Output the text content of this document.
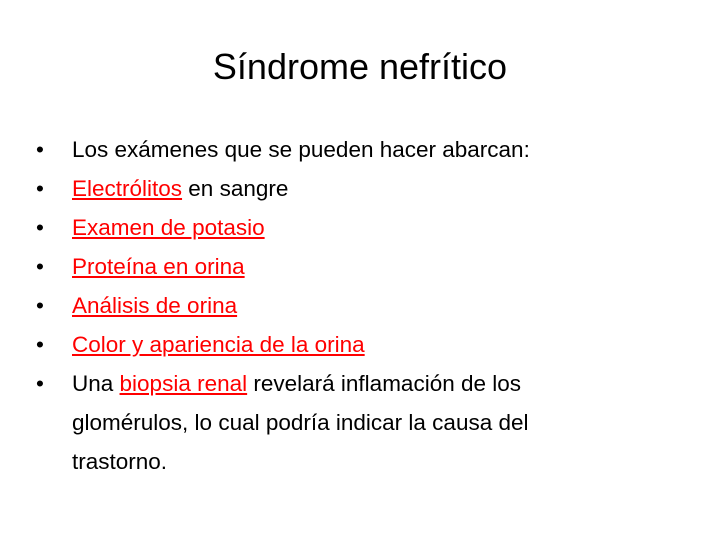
Síndrome nefrítico
•	Los exámenes que se pueden hacer abarcan:
•	Electrólitos en sangre
•	Examen de potasio
•	Proteína en orina
•	Análisis de orina
•	Color y apariencia de la orina
•	Una biopsia renal revelará inflamación de los
glomérulos, lo cual podría indicar la causa del
trastorno.
